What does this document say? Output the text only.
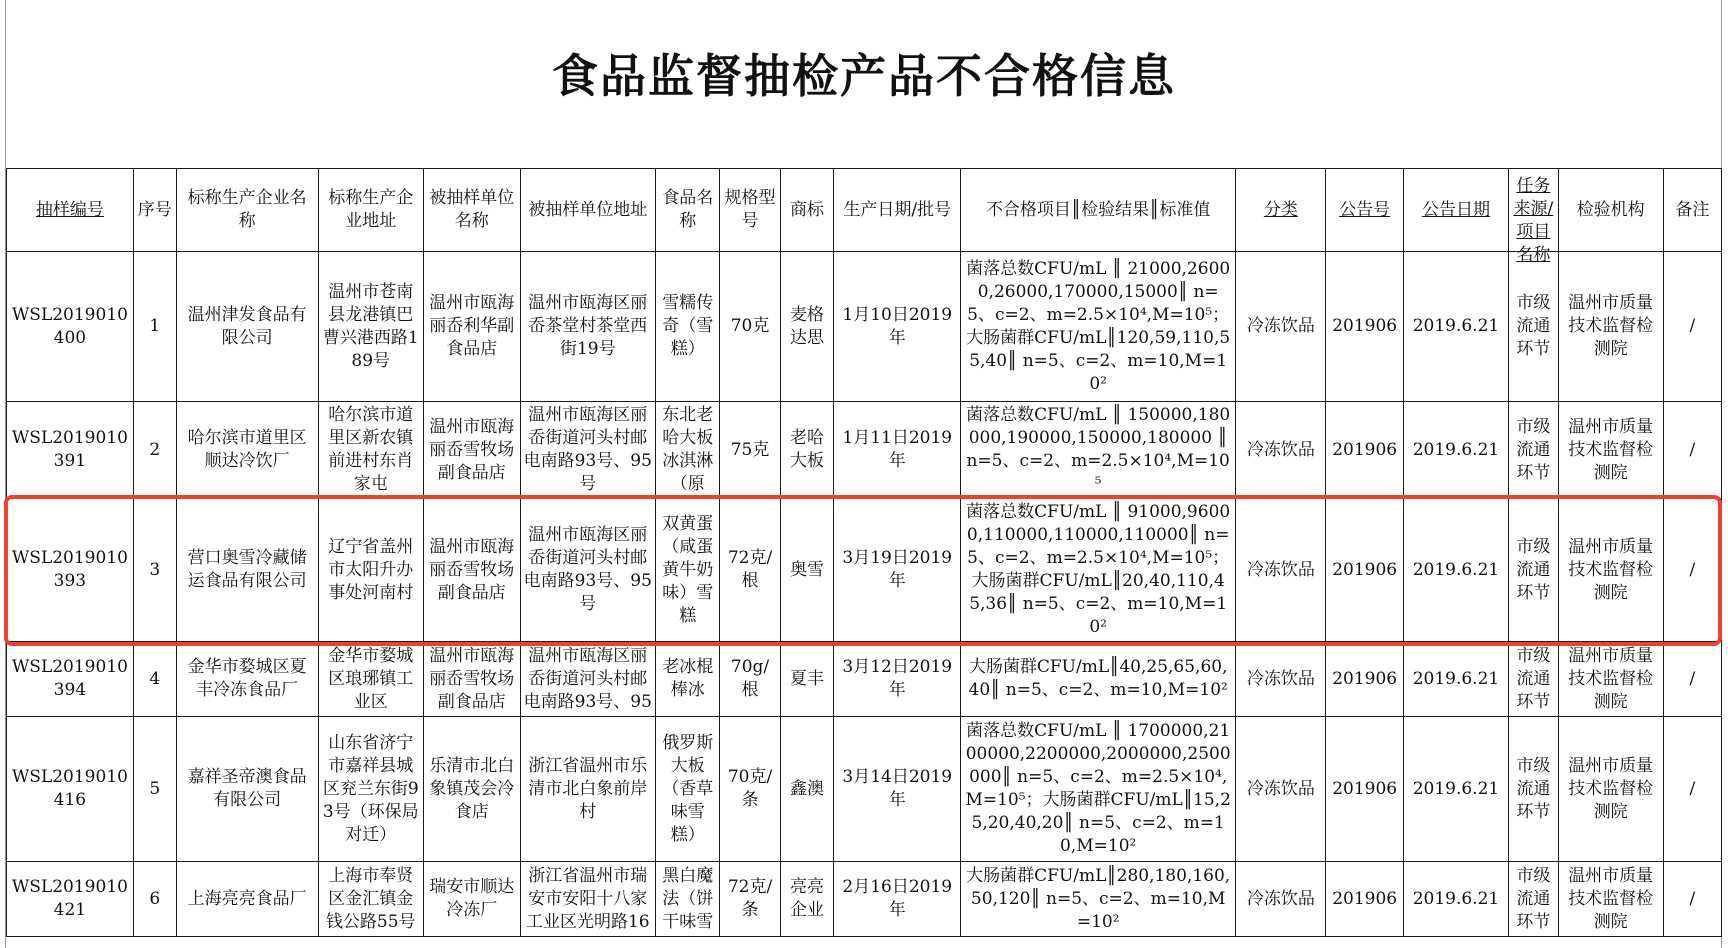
食品监督抽检产品不合格信息
抽样编号	序号	标称生产企业名称	标称生产企业地址	被抽样单位名称	被抽样单位地址	食品名称	规格型号	商标	生产日期/批号	不合格项目║检验结果║标准值	分类	公告号	公告日期	任务来源/项目名称	检验机构	备注
WSL2019010400	1	温州津发食品有限公司	温州市苍南县龙港镇巴曹兴港西路189号	温州市瓯海丽岙利华副食品店	温州市瓯海区丽岙茶堂村茶堂西街19号	雪糯传奇（雪糕）	70克	麦格达思	1月10日2019年	菌落总数CFU/mL ║ 21000,26000,26000,170000,15000║ n=5、c=2、m=2.5×10⁴,M=10⁵；大肠菌群CFU/mL║120,59,110,55,40║ n=5、c=2、m=10,M=10²	冷冻饮品	201906	2019.6.21	市级流通环节	温州市质量技术监督检测院	/
WSL2019010391	2	哈尔滨市道里区顺达冷饮厂	哈尔滨市道里区新农镇前进村东肖家屯	温州市瓯海丽岙雪牧场副食品店	温州市瓯海区丽岙街道河头村邮电南路93号、95号	东北老哈大板冰淇淋（原	75克	老哈大板	1月11日2019年	菌落总数CFU/mL ║ 150000,180000,190000,150000,180000 ║ n=5、c=2、m=2.5×10⁴,M=10⁵	冷冻饮品	201906	2019.6.21	市级流通环节	温州市质量技术监督检测院	/
WSL2019010393	3	营口奥雪冷藏储运食品有限公司	辽宁省盖州市太阳升办事处河南村	温州市瓯海丽岙雪牧场副食品店	温州市瓯海区丽岙街道河头村邮电南路93号、95号	双黄蛋（咸蛋黄牛奶味）雪糕	72克/根	奥雪	3月19日2019年	菌落总数CFU/mL ║ 91000,96000,110000,110000,110000║ n=5、c=2、m=2.5×10⁴,M=10⁵；大肠菌群CFU/mL║20,40,110,45,36║ n=5、c=2、m=10,M=10²	冷冻饮品	201906	2019.6.21	市级流通环节	温州市质量技术监督检测院	/
WSL2019010394	4	金华市婺城区夏丰冷冻食品厂	金华市婺城区琅琊镇工业区	温州市瓯海丽岙雪牧场副食品店	温州市瓯海区丽岙街道河头村邮电南路93号、95	老冰棍棒冰	70g/根	夏丰	3月12日2019年	大肠菌群CFU/mL║40,25,65,60,40║ n=5、c=2、m=10,M=10²	冷冻饮品	201906	2019.6.21	市级流通环节	温州市质量技术监督检测院	/
WSL2019010416	5	嘉祥圣帝澳食品有限公司	山东省济宁市嘉祥县城区兖兰东街93号（环保局对迁）	乐清市北白象镇茂会冷食店	浙江省温州市乐清市北白象前岸村	俄罗斯大板（香草味雪糕）	70克/条	鑫澳	3月14日2019年	菌落总数CFU/mL ║ 1700000,2100000,2200000,2000000,2500000║ n=5、c=2、m=2.5×10⁴,M=10⁵；大肠菌群CFU/mL║15,25,20,40,20║ n=5、c=2、m=10,M=10²	冷冻饮品	201906	2019.6.21	市级流通环节	温州市质量技术监督检测院	/
WSL2019010421	6	上海亮亮食品厂	上海市奉贤区金汇镇金钱公路55号	瑞安市顺达冷冻厂	浙江省温州市瑞安市安阳十八家工业区光明路16	黑白魔法（饼干味雪	72克/条	亮亮企业	2月16日2019年	大肠菌群CFU/mL║280,180,160,50,120║ n=5、c=2、m=10,M=10²	冷冻饮品	201906	2019.6.21	市级流通环节	温州市质量技术监督检测院	/
